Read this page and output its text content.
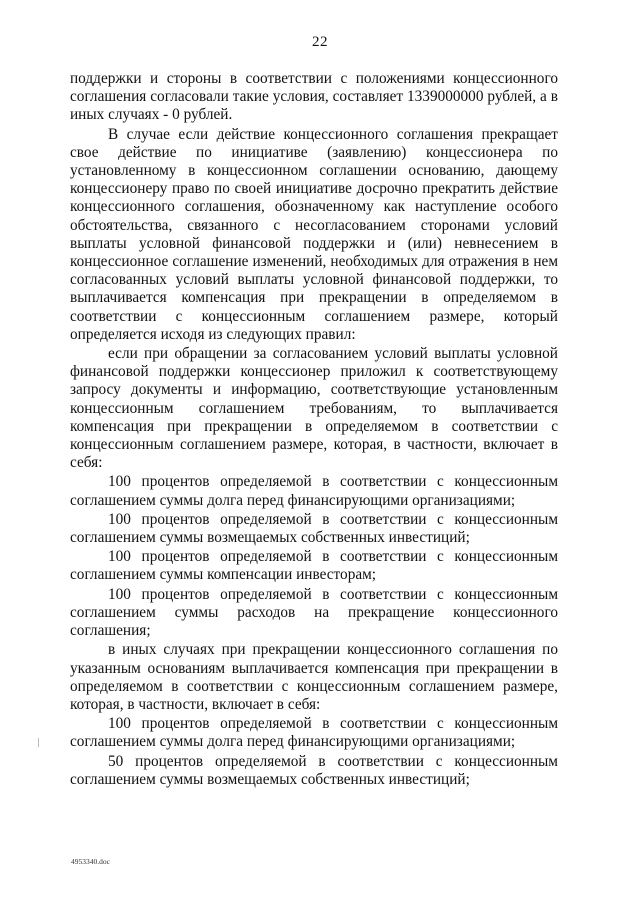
22

поддержки и стороны в соответствии с положениями концессионного соглашения согласовали такие условия, составляет 1339000000 рублей, а в иных случаях - 0 рублей.

В случае если действие концессионного соглашения прекращает свое действие по инициативе (заявлению) концессионера по установленному в концессионном соглашении основанию, дающему концессионеру право по своей инициативе досрочно прекратить действие концессионного соглашения, обозначенному как наступление особого обстоятельства, связанного с несогласованием сторонами условий выплаты условной финансовой поддержки и (или) невнесением в концессионное соглашение изменений, необходимых для отражения в нем согласованных условий выплаты условной финансовой поддержки, то выплачивается компенсация при прекращении в определяемом в соответствии с концессионным соглашением размере, который определяется исходя из следующих правил:

если при обращении за согласованием условий выплаты условной финансовой поддержки концессионер приложил к соответствующему запросу документы и информацию, соответствующие установленным концессионным соглашением требованиям, то выплачивается компенсация при прекращении в определяемом в соответствии с концессионным соглашением размере, которая, в частности, включает в себя:

100 процентов определяемой в соответствии с концессионным соглашением суммы долга перед финансирующими организациями;

100 процентов определяемой в соответствии с концессионным соглашением суммы возмещаемых собственных инвестиций;

100 процентов определяемой в соответствии с концессионным соглашением суммы компенсации инвесторам;

100 процентов определяемой в соответствии с концессионным соглашением суммы расходов на прекращение концессионного соглашения;

в иных случаях при прекращении концессионного соглашения по указанным основаниям выплачивается компенсация при прекращении в определяемом в соответствии с концессионным соглашением размере, которая, в частности, включает в себя:

100 процентов определяемой в соответствии с концессионным соглашением суммы долга перед финансирующими организациями;

50 процентов определяемой в соответствии с концессионным соглашением суммы возмещаемых собственных инвестиций;

4953340.doc
